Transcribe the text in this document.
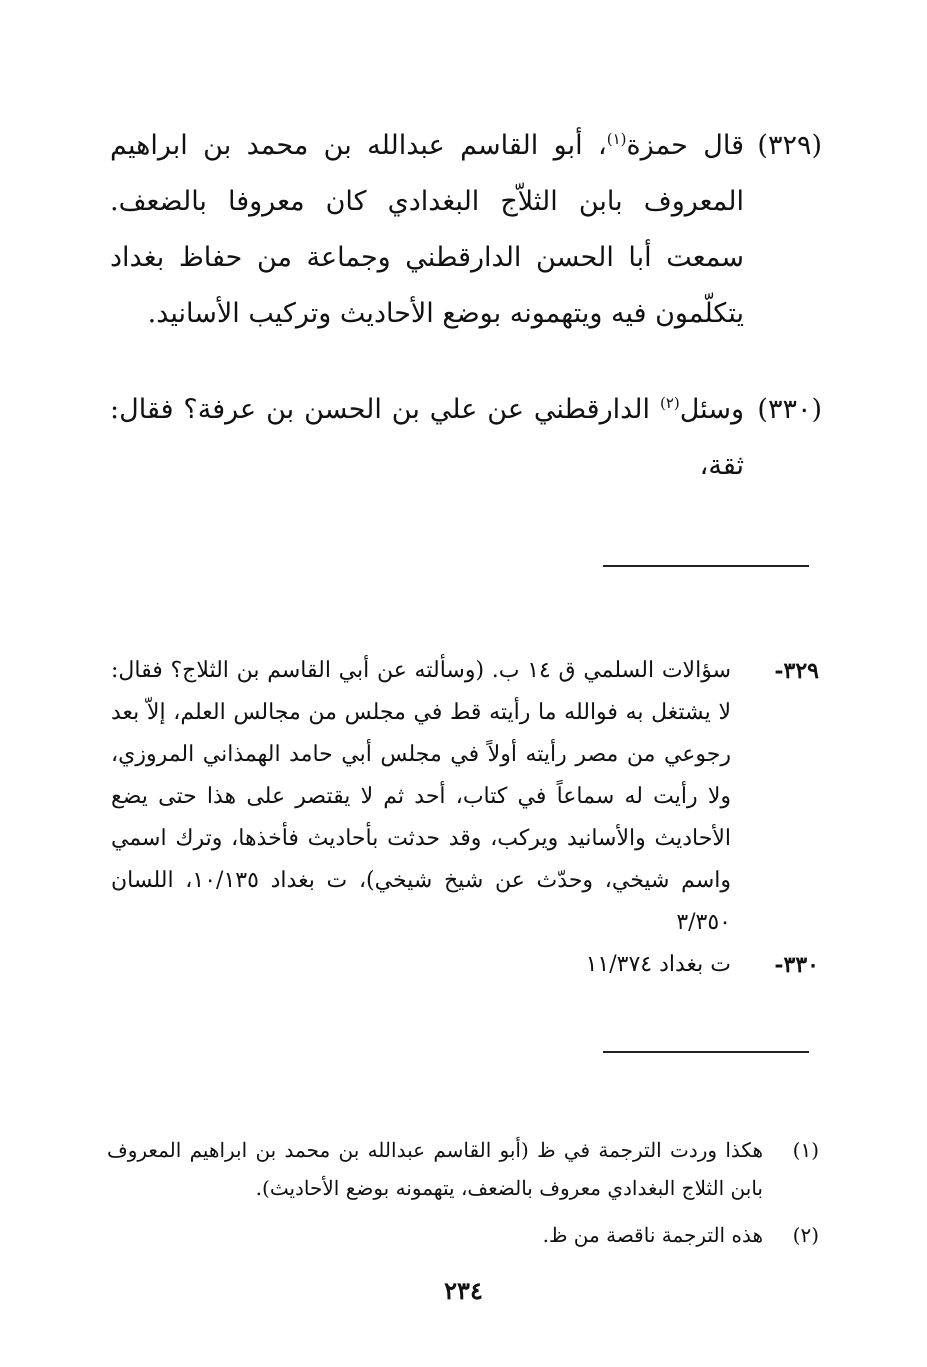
(٣٢٩)
قال حمزة$^{(١)}$، أبو القاسم عبدالله بن محمد بن ابراهيم المعروف بابن الثلاّج البغدادي كان معروفا بالضعف. سمعت أبا الحسن الدارقطني وجماعة من حفاظ بغداد يتكلّمون فيه ويتهمونه بوضع الأحاديث وتركيب الأسانيد.
(٣٣٠)
وسئل$^{(٢)}$ الدارقطني عن علي بن الحسن بن عرفة؟ فقال: ثقة،
٣٢٩-
سؤالات السلمي ق ١٤ ب. (وسألته عن أبي القاسم بن الثلاج؟ فقال: لا يشتغل به فوالله ما رأيته قط في مجلس من مجالس العلم، إلاّ بعد رجوعي من مصر رأيته أولاً في مجلس أبي حامد الهمذاني المروزي، ولا رأيت له سماعاً في كتاب، أحد ثم لا يقتصر على هذا حتى يضع الأحاديث والأسانيد ويركب، وقد حدثت بأحاديث فأخذها، وترك اسمي واسم شيخي، وحدّث عن شيخ شيخي)، ت بغداد ١٠/١٣٥، اللسان ٣/٣٥٠
٣٣٠-
ت بغداد ١١/٣٧٤
(١)
هكذا وردت الترجمة في ظ (أبو القاسم عبدالله بن محمد بن ابراهيم المعروف بابن الثلاج البغدادي معروف بالضعف، يتهمونه بوضع الأحاديث).
(٢)
هذه الترجمة ناقصة من ظ.
٢٣٤
